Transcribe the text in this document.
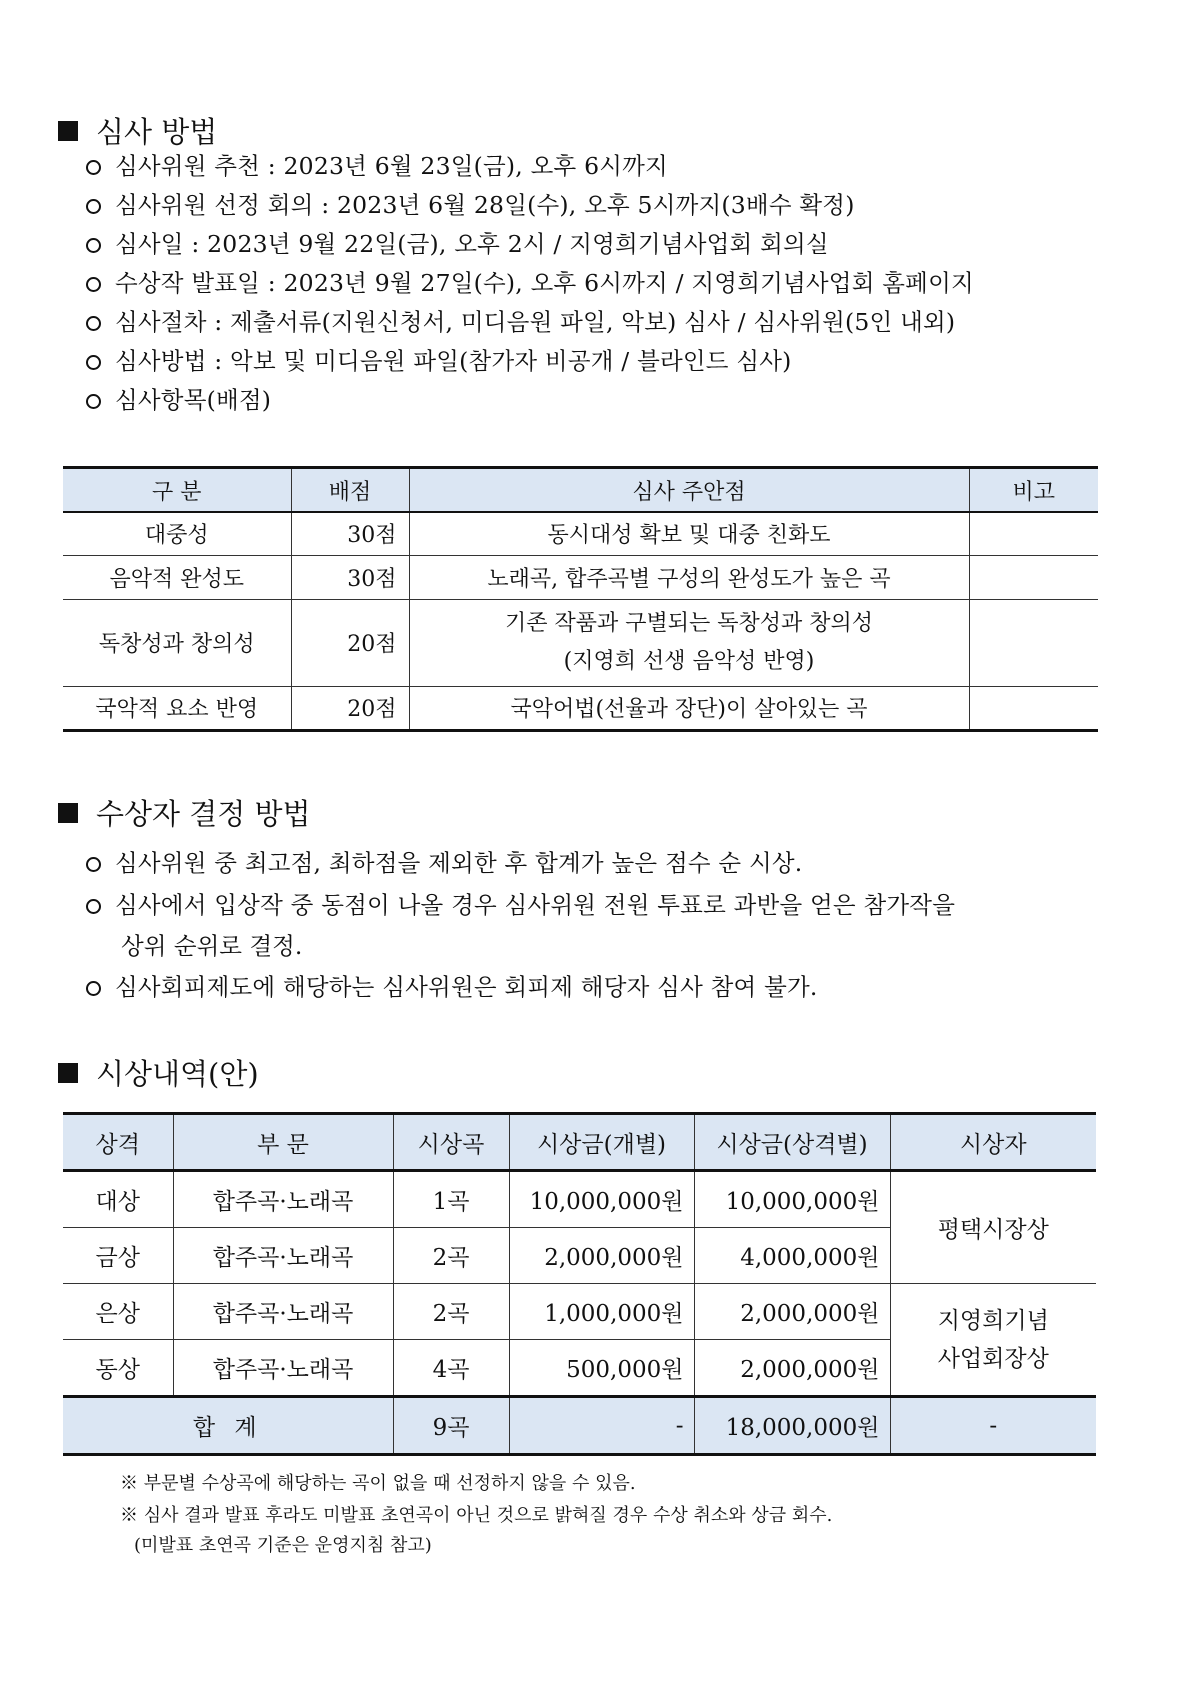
심사 방법
심사위원 추천 : 2023년 6월 23일(금), 오후 6시까지
심사위원 선정 회의 : 2023년 6월 28일(수), 오후 5시까지(3배수 확정)
심사일 : 2023년 9월 22일(금), 오후 2시 / 지영희기념사업회 회의실
수상작 발표일 : 2023년 9월 27일(수), 오후 6시까지 / 지영희기념사업회 홈페이지
심사절차 : 제출서류(지원신청서, 미디음원 파일, 악보) 심사 / 심사위원(5인 내외)
심사방법 : 악보 및 미디음원 파일(참가자 비공개 / 블라인드 심사)
심사항목(배점)
구 분	배점	심사 주안점	비고
대중성	30점	동시대성 확보 및 대중 친화도	
음악적 완성도	30점	노래곡, 합주곡별 구성의 완성도가 높은 곡	
독창성과 창의성	20점	기존 작품과 구별되는 독창성과 창의성
(지영희 선생 음악성 반영)	

국악적 요소 반영	20점	국악어법(선율과 장단)이 살아있는 곡	
수상자 결정 방법
심사위원 중 최고점, 최하점을 제외한 후 합계가 높은 점수 순 시상.
심사에서 입상작 중 동점이 나올 경우 심사위원 전원 투표로 과반을 얻은 참가작을
상위 순위로 결정.
심사회피제도에 해당하는 심사위원은 회피제 해당자 심사 참여 불가.
시상내역(안)
상격	부 문	시상곡	시상금(개별)	시상금(상격별)	시상자
대상	합주곡·노래곡	1곡	10,000,000원	10,000,000원	평택시장상
금상	합주곡·노래곡	2곡	2,000,000원	4,000,000원	
은상	합주곡·노래곡	2곡	1,000,000원	2,000,000원	지영희기념
사업회장상

동상	합주곡·노래곡	4곡	500,000원	2,000,000원	
합 계		9곡	-	18,000,000원	-
※ 부문별 수상곡에 해당하는 곡이 없을 때 선정하지 않을 수 있음.
※ 심사 결과 발표 후라도 미발표 초연곡이 아닌 것으로 밝혀질 경우 수상 취소와 상금 회수.
(미발표 초연곡 기준은 운영지침 참고)
